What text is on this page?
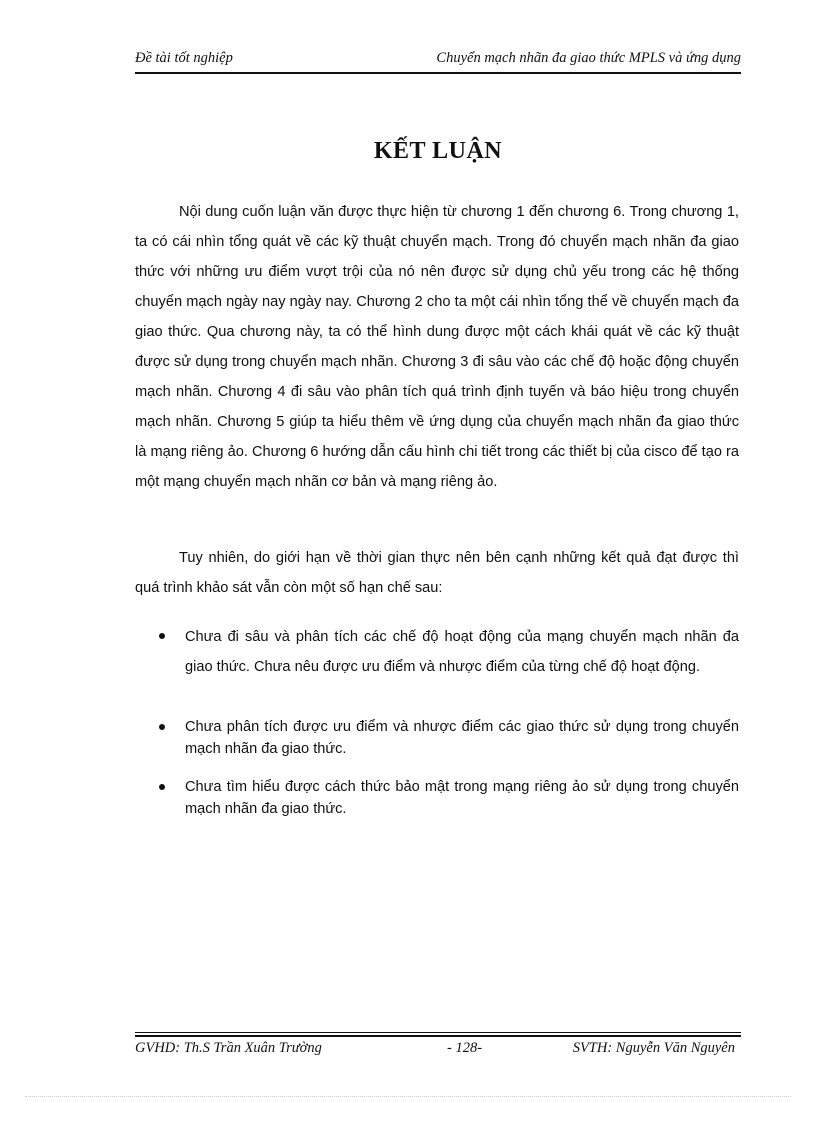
Đề tài tốt nghiệp	Chuyển mạch nhãn đa giao thức MPLS và ứng dụng
KẾT LUẬN

Nội dung cuốn luận văn được thực hiện từ chương 1 đến chương 6. Trong chương 1, ta có cái nhìn tổng quát về các kỹ thuật chuyển mạch. Trong đó chuyển mạch nhãn đa giao thức với những ưu điểm vượt trội của nó nên được sử dụng chủ yếu trong các hệ thống chuyển mạch ngày nay ngày nay. Chương 2 cho ta một cái nhìn tổng thể về chuyển mạch đa giao thức. Qua chương này, ta có thể hình dung được một cách khái quát về các kỹ thuật được sử dụng trong chuyển mạch nhãn. Chương 3 đi sâu vào các chế độ hoặc động chuyển mạch nhãn. Chương 4 đi sâu vào phân tích quá trình định tuyến và báo hiệu trong chuyển mạch nhãn. Chương 5 giúp ta hiểu thêm về ứng dụng của chuyển mạch nhãn đa giao thức là mạng riêng ảo. Chương 6 hướng dẫn cấu hình chi tiết trong các thiết bị của cisco để tạo ra một mạng chuyển mạch nhãn cơ bản và mạng riêng ảo.

Tuy nhiên, do giới hạn về thời gian thực nên bên cạnh những kết quả đạt được thì quá trình khảo sát vẫn còn một số hạn chế sau:

Chưa đi sâu và phân tích các chế độ hoạt động của mạng chuyển mạch nhãn đa giao thức. Chưa nêu được ưu điểm và nhược điểm của từng chế độ hoạt động.
Chưa phân tích được ưu điểm và nhược điểm các giao thức sử dụng trong chuyển mạch nhãn đa giao thức.
Chưa tìm hiểu được cách thức bảo mật trong mạng riêng ảo sử dụng trong chuyển mạch nhãn đa giao thức.
GVHD: Th.S Trần Xuân Trường	- 128-	SVTH: Nguyễn Văn Nguyên
